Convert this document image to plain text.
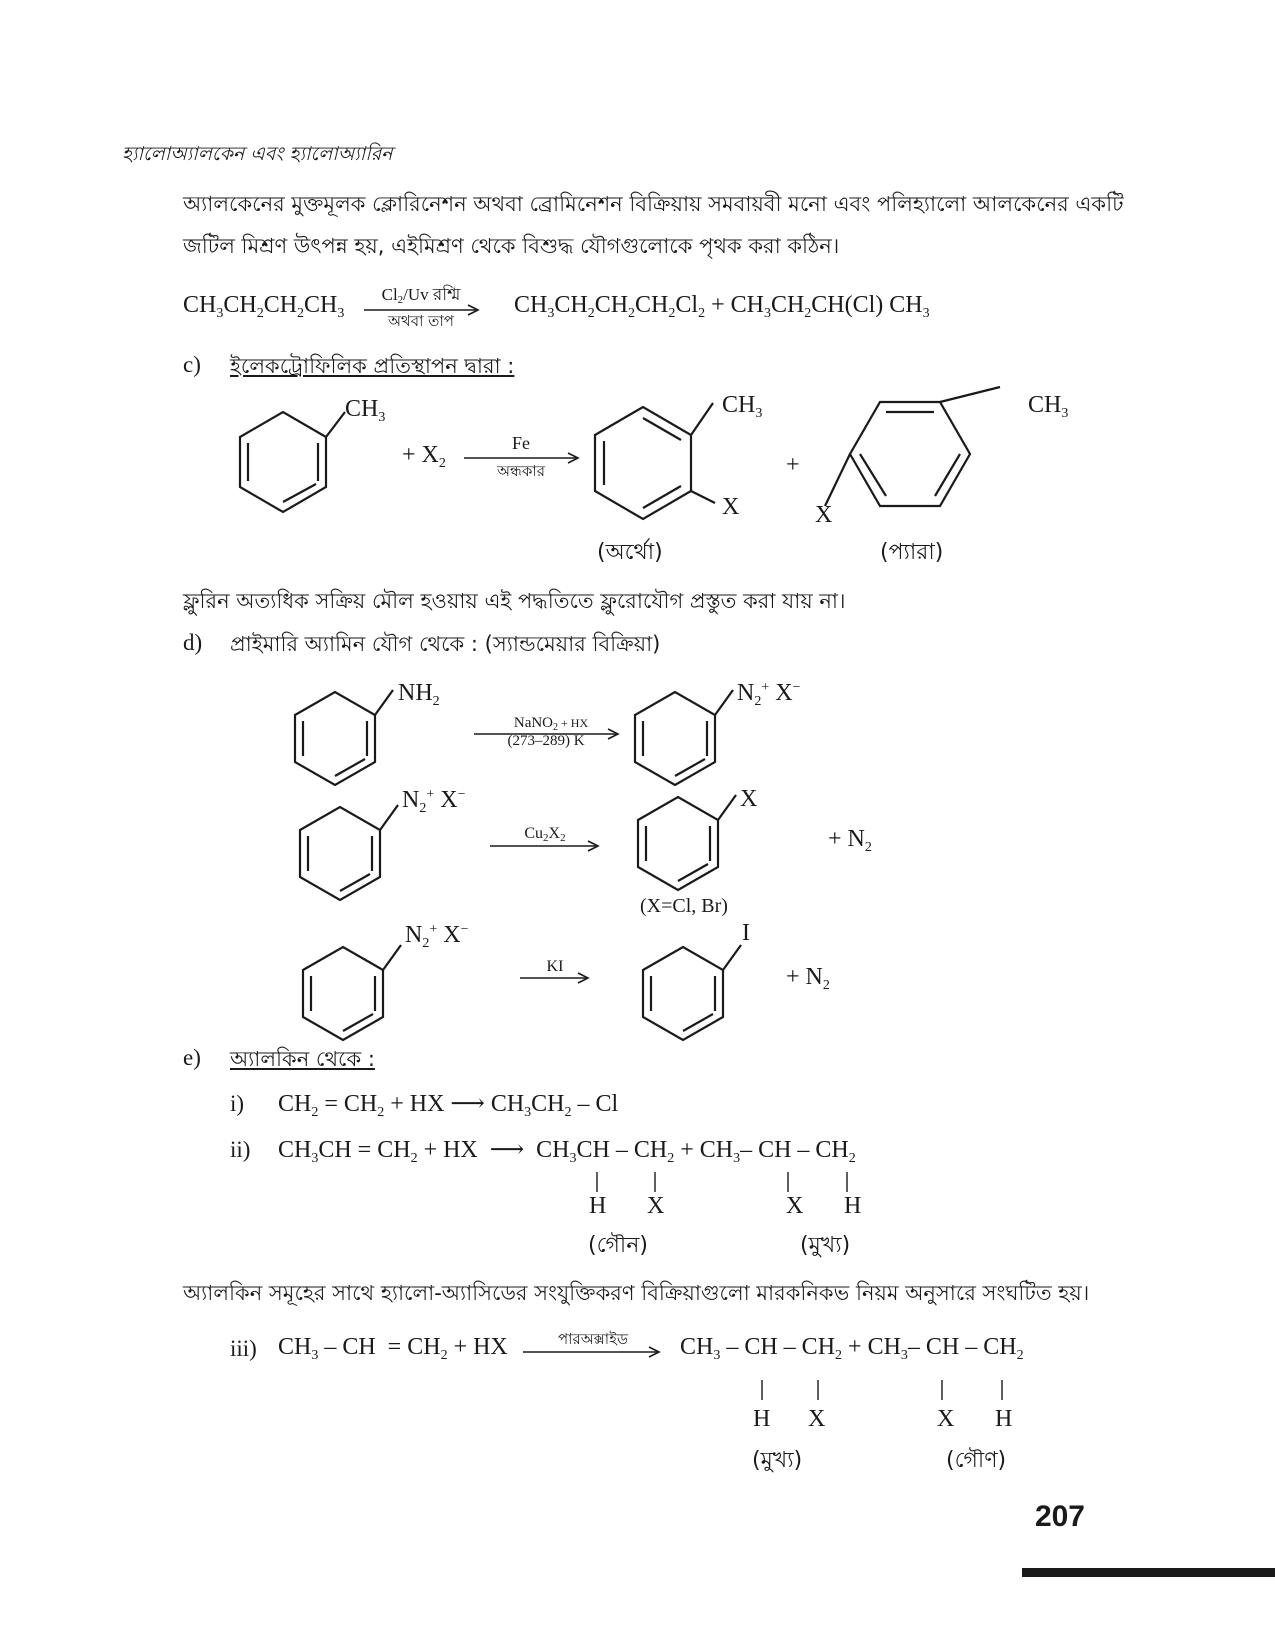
হ্যালোঅ্যালকেন এবং হ্যালোঅ্যারিন
অ্যালকেনের মুক্তমূলক ক্লোরিনেশন অথবা ব্রোমিনেশন বিক্রিয়ায় সমবায়বী মনো এবং পলিহ্যালো আলকেনের একটি
জটিল মিশ্রণ উৎপন্ন হয়, এইমিশ্রণ থেকে বিশুদ্ধ যৌগগুলোকে পৃথক করা কঠিন।
$CH_3CH_2CH_2CH_3$
$Cl_2/Uv$ রশ্মি
অথবা তাপ
$CH_3CH_2CH_2CH_2Cl_2 + CH_3CH_2CH(Cl)$ $CH_3$
c) ইলেকট্রোফিলিক প্রতিস্থাপন দ্বারা :
$CH_3$
+ $X_2$
Fe
অন্ধকার
$CH_3$
X
+
(অর্থো)
$CH_3$
X
(প্যারা)
ফ্লুরিন অত্যধিক সক্রিয় মৌল হওয়ায় এই পদ্ধতিতে ফ্লুরোযৌগ প্রস্তুত করা যায় না।
d) প্রাইমারি অ্যামিন যৌগ থেকে : (স্যান্ডমেয়ার বিক্রিয়া)
$NH_2$
NaNO$_2$ + HX
(273–289) K
$N_2^+$ X−
$N_2^+$ X−
$Cu_2X_2$
X
+ $N_2$
(X=Cl, Br)
$N_2^+$ X−
KI
I
+ $N_2$
e) অ্যালকিন থেকে :
i) $CH_2 = CH_2$ + HX ⟶ $CH_3CH_2$ – Cl
ii) $CH_3CH = CH_2$ + HX  ⟶  $CH_3CH - CH_2 + CH_3-$ CH – $CH_2$
H X	X H
(গৌন)	(মুখ্য)
অ্যালকিন সমূহের সাথে হ্যালো-অ্যাসিডের সংযুক্তিকরণ বিক্রিয়াগুলো মারকনিকভ নিয়ম অনুসারে সংঘটিত হয়।
iii) $CH_3$ – CH  = $CH_2$ + HX	পারঅক্সাইড	$CH_3$ – CH – $CH_2 + CH_3-$ CH – $CH_2$
H X	X H
(মুখ্য)	(গৌণ)
207
